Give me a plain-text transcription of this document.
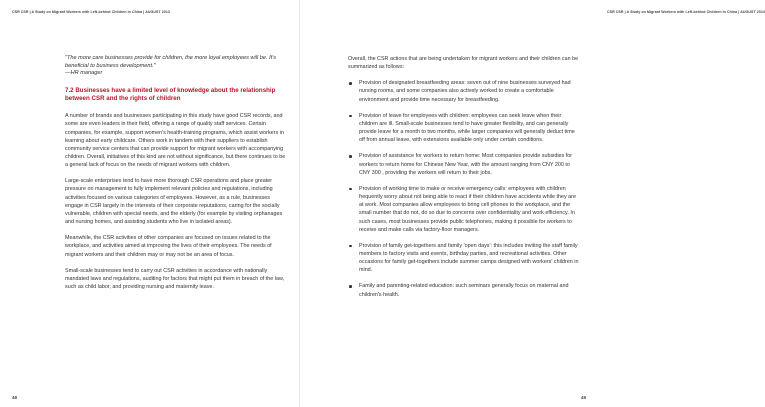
CSR CSR | A Study on Migrant Workers with Left-behind Children in China | AUGUST 2013

"The more care businesses provide for children, the more loyal employees will be. It's beneficial to business development."

—HR manager

7.2 Businesses have a limited level of knowledge about the relationship between CSR and the rights of children

A number of brands and businesses participating in this study have good CSR records, and some are even leaders in their field, offering a range of quality staff services. Certain companies, for example, support women's health-training programs, which assist workers in learning about early childcare. Others work in tandem with their suppliers to establish community service centers that can provide support for migrant workers with accompanying children. Overall, initiatives of this kind are not without significance, but there continues to be a general lack of focus on the needs of migrant workers with children.

Large-scale enterprises tend to have more thorough CSR operations and place greater pressure on management to fully implement relevant policies and regulations, including activities focused on various categories of employees. However, as a rule, businesses engage in CSR largely in the interests of their corporate reputations, caring for the socially vulnerable, children with special needs, and the elderly (for example by visiting orphanages and nursing homes, and assisting students who live in isolated areas).

Meanwhile, the CSR activities of other companies are focused on issues related to the workplace, and activities aimed at improving the lives of their employees. The needs of migrant workers and their children may or may not be an area of focus.

Small-scale businesses tend to carry out CSR activities in accordance with nationally mandated laws and regulations, auditing for factors that might put them in breach of the law, such as child labor, and providing nursing and maternity leave.

48
CSR CSR | A Study on Migrant Workers with Left-behind Children in China | AUGUST 2013

Overall, the CSR actions that are being undertaken for migrant workers and their children can be summarized as follows:

Provision of designated breastfeeding areas: seven out of nine businesses surveyed had nursing rooms, and some companies also actively worked to create a comfortable environment and provide time necessary for breastfeeding.
Provision of leave for employees with children: employees can seek leave when their children are ill. Small-scale businesses tend to have greater flexibility, and can generally provide leave for a month to two months, while larger companies will generally deduct time off from annual leave, with extensions available only under certain conditions.
Provision of assistance for workers to return home: Most companies provide subsidies for workers to return home for Chinese New Year, with the amount ranging from CNY 200 to CNY 300 , providing the workers will return to their jobs.
Provision of working time to make or receive emergency calls: employees with children frequently worry about not being able to react if their children have accidents while they are at work. Most companies allow employees to bring cell phones to the workplace, and the small number that do not, do so due to concerns over confidentiality and work efficiency. In such cases, most businesses provide public telephones, making it possible for workers to receive and make calls via factory-floor managers.
Provision of family get-togethers and family 'open days': this includes inviting the staff family members to factory visits and events, birthday parties, and recreational activities. Other occasions for family get-togethers include summer camps designed with workers' children in mind.
Family and parenting-related education: such seminars generally focus on maternal and children's health.
49
